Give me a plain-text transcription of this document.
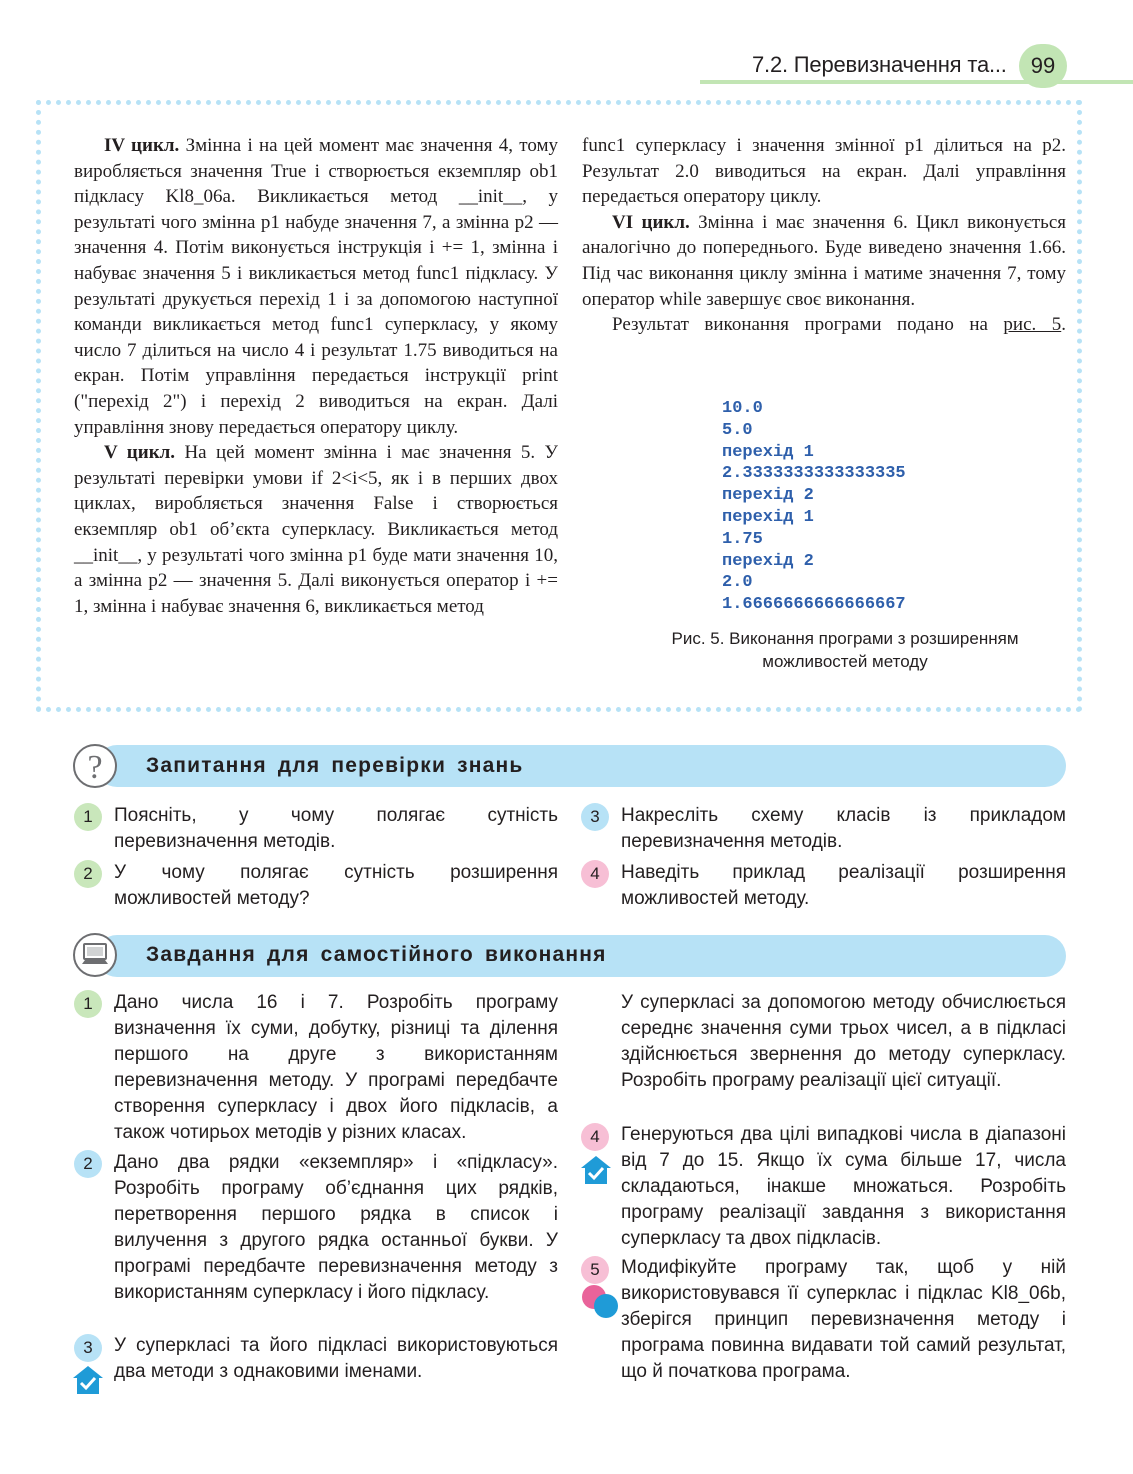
7.2. Перевизначення та...	99

IV цикл. Змінна і на цей момент має значення 4, тому виробляється значення True і створюється екземпляр ob1 підкласу Kl8_06a. Викликається метод __init__, у результаті чого змінна p1 набуде значення 7, а змінна p2 — значення 4. Потім виконується інструкція i += 1, змінна і набуває значення 5 і викликається метод func1 підкласу. У результаті друкується перехід 1 і за допомогою наступної команди викликається метод func1 суперкласу, у якому число 7 ділиться на число 4 і результат 1.75 виводиться на екран. Потім управління передається інструкції print ("перехід 2") і перехід 2 виводиться на екран. Далі управління знову передається оператору циклу.

V цикл. На цей момент змінна і має значення 5. У результаті перевірки умови if 2<i<5, як і в перших двох циклах, виробляється значення False і створюється екземпляр ob1 об’єкта суперкласу. Викликається метод __init__, у результаті чого змінна p1 буде мати значення 10, а змінна p2 — значення 5. Далі виконується оператор i += 1, змінна і набуває значення 6, викликається метод

func1 суперкласу і значення змінної p1 ділиться на p2. Результат 2.0 виводиться на екран. Далі управління передається оператору циклу.

VI цикл. Змінна і має значення 6. Цикл виконується аналогічно до попереднього. Буде виведено значення 1.66. Під час виконання циклу змінна і матиме значення 7, тому оператор while завершує своє виконання.

Результат виконання програми подано на рис. 5.

10.0
5.0
перехід 1
2.3333333333333335
перехід 2
перехід 1
1.75
перехід 2
2.0
1.6666666666666667
Рис. 5. Виконання програми з розширенням
можливостей методу
? Запитання для перевірки знань
1	Поясніть, у чому полягає сутність перевизначення методів.
2	У чому полягає сутність розширення можливостей методу?
3	Накресліть схему класів із прикладом перевизначення методів.
4	Наведіть приклад реалізації розширення можливостей методу.
Завдання для самостійного виконання
1	Дано числа 16 і 7. Розробіть програму визначення їх суми, добутку, різниці та ділення першого на друге з використанням перевизначення методу. У програмі передбачте створення суперкласу і двох його підкласів, а також чотирьох методів у різних класах.
2	Дано два рядки «екземпляр» і «підкласу». Розробіть програму об’єднання цих рядків, перетворення першого рядка в список і вилучення з другого рядка останньої букви. У програмі передбачте перевизначення методу з використанням суперкласу і його підкласу.
3	У суперкласі та його підкласі використовуються два методи з однаковими іменами.
У суперкласі за допомогою методу обчислюється середнє значення суми трьох чисел, а в підкласі здійснюється звернення до методу суперкласу. Розробіть програму реалізації цієї ситуації.
4	Генеруються два цілі випадкові числа в діапазоні від 7 до 15. Якщо їх сума більше 17, числа складаються, інакше множаться. Розробіть програму реалізації завдання з використання суперкласу та двох підкласів.
5	Модифікуйте програму так, щоб у ній використовувався її суперклас і підклас Kl8_06b, зберігся принцип перевизначення методу і програма повинна видавати той самий результат, що й початкова програма.
